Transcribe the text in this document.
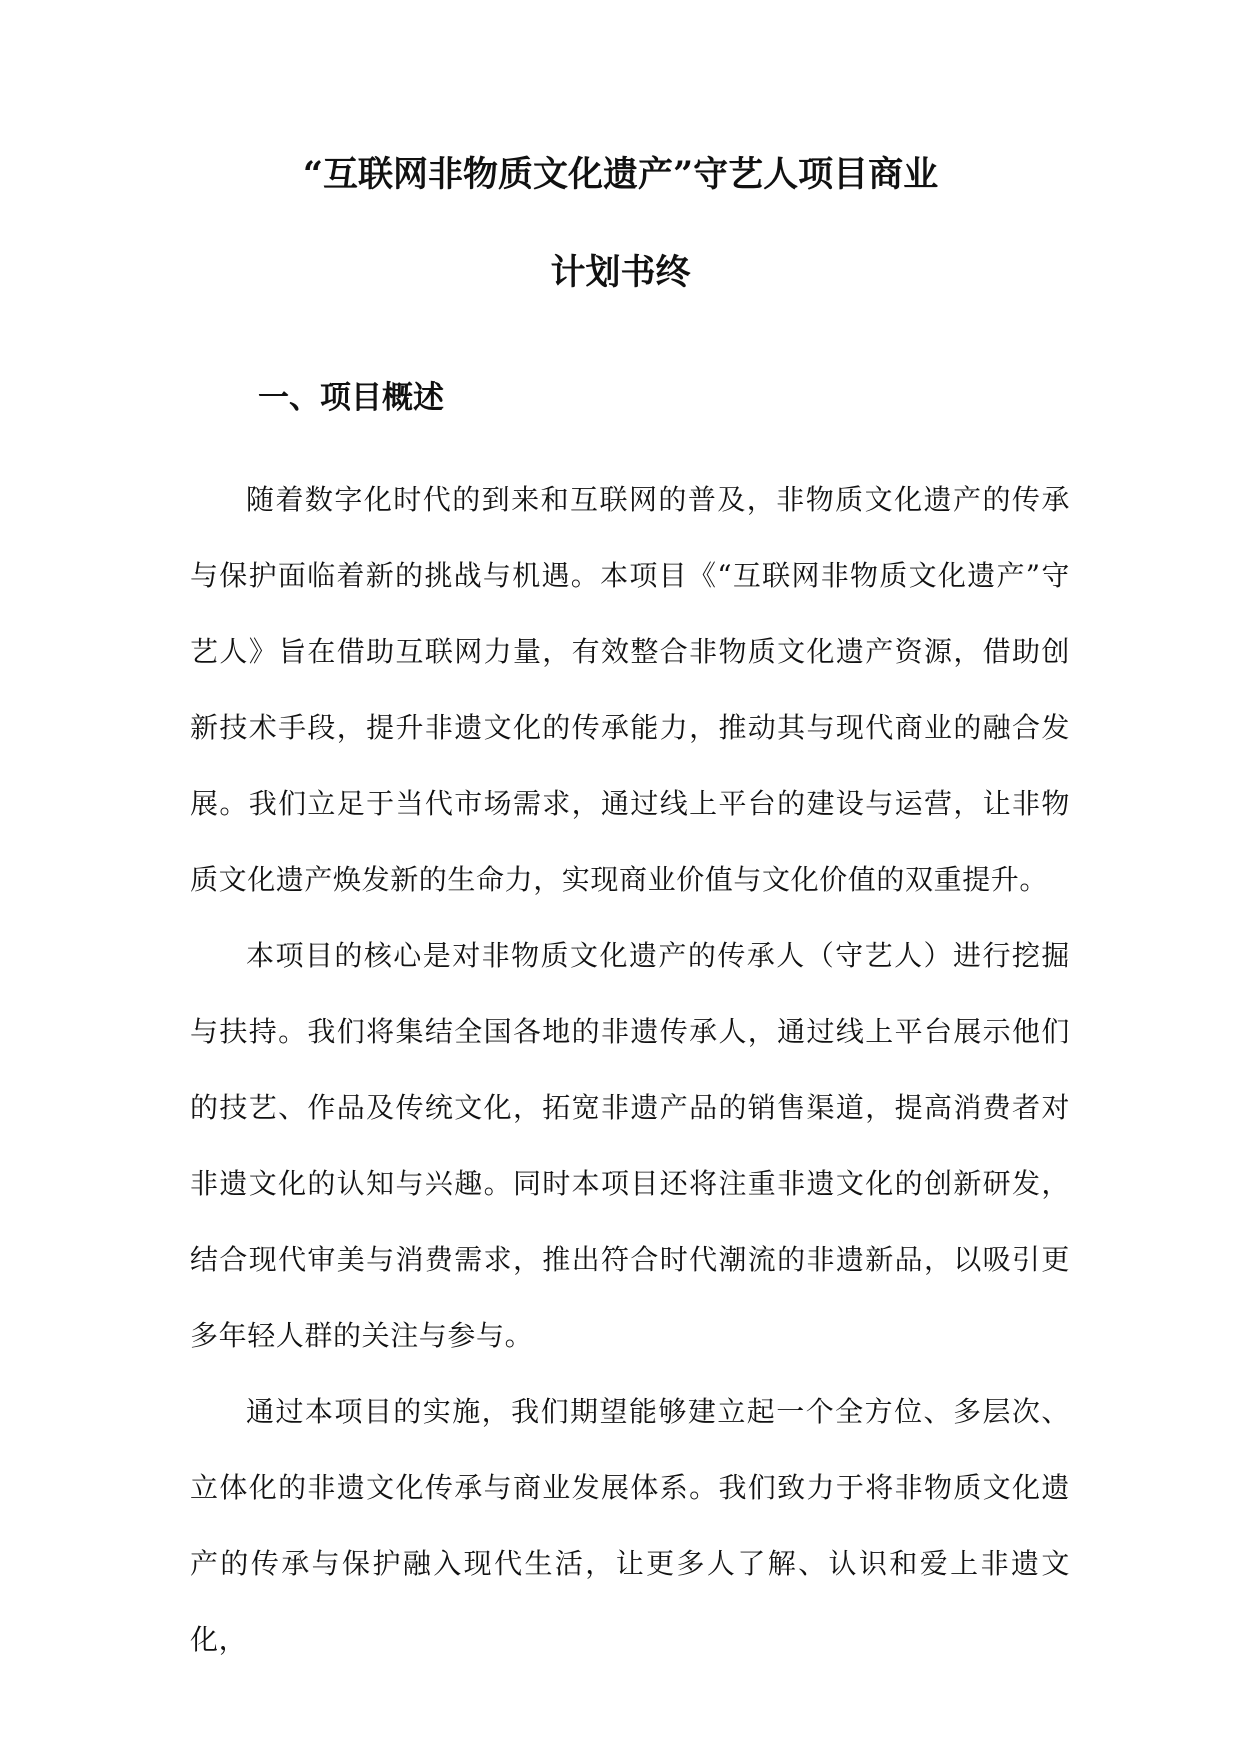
“互联网非物质文化遗产”守艺人项目商业
计划书终
一、项目概述

随着数字化时代的到来和互联网的普及，非物质文化遗产的传承与保护面临着新的挑战与机遇。本项目《“互联网非物质文化遗产”守艺人》旨在借助互联网力量，有效整合非物质文化遗产资源，借助创新技术手段，提升非遗文化的传承能力，推动其与现代商业的融合发展。我们立足于当代市场需求，通过线上平台的建设与运营，让非物质文化遗产焕发新的生命力，实现商业价值与文化价值的双重提升。

本项目的核心是对非物质文化遗产的传承人（守艺人）进行挖掘与扶持。我们将集结全国各地的非遗传承人，通过线上平台展示他们的技艺、作品及传统文化，拓宽非遗产品的销售渠道，提高消费者对非遗文化的认知与兴趣。同时本项目还将注重非遗文化的创新研发，结合现代审美与消费需求，推出符合时代潮流的非遗新品，以吸引更多年轻人群的关注与参与。

通过本项目的实施，我们期望能够建立起一个全方位、多层次、立体化的非遗文化传承与商业发展体系。我们致力于将非物质文化遗产的传承与保护融入现代生活，让更多人了解、认识和爱上非遗文化，
